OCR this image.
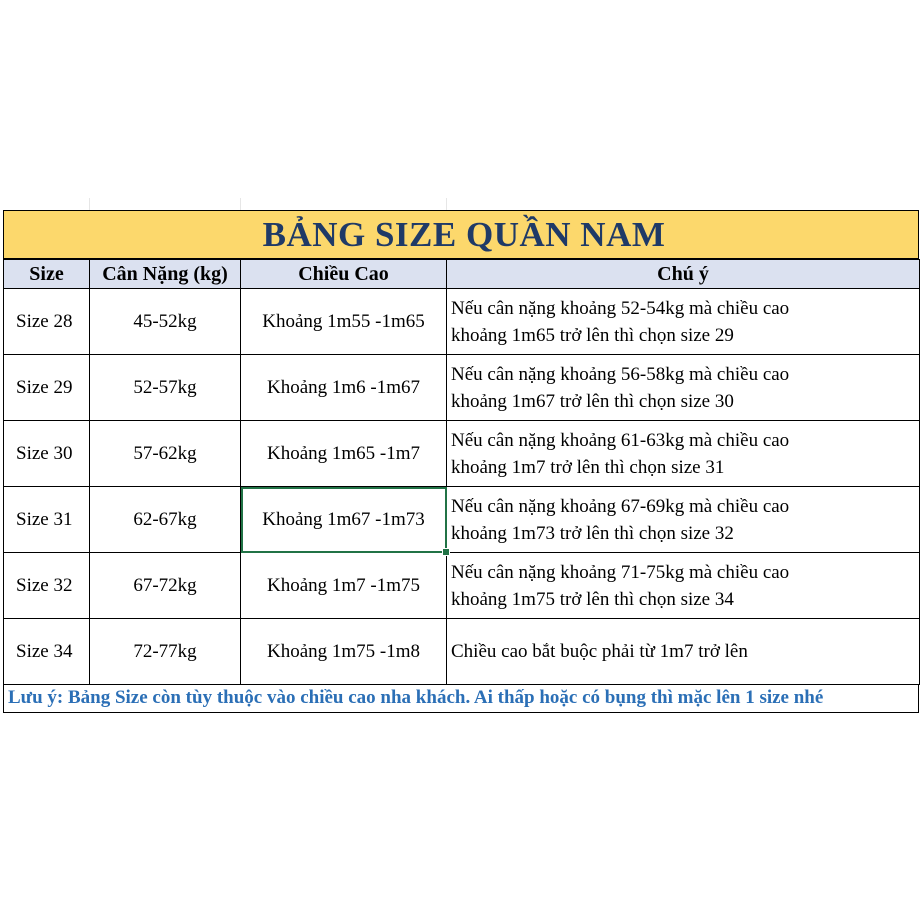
BẢNG SIZE QUẦN NAM
Size	Cân Nặng (kg)	Chiều Cao	Chú ý
Size 28	45-52kg	Khoảng 1m55 -1m65	Nếu cân nặng khoảng 52-54kg mà chiều cao
khoảng 1m65 trở lên thì chọn size 29
Size 29	52-57kg	Khoảng 1m6 -1m67	Nếu cân nặng khoảng 56-58kg mà chiều cao
khoảng 1m67 trở lên thì chọn size 30
Size 30	57-62kg	Khoảng 1m65 -1m7	Nếu cân nặng khoảng 61-63kg mà chiều cao
khoảng 1m7 trở lên thì chọn size 31
Size 31	62-67kg	Khoảng 1m67 -1m73	Nếu cân nặng khoảng 67-69kg mà chiều cao
khoảng 1m73 trở lên thì chọn size 32
Size 32	67-72kg	Khoảng 1m7 -1m75	Nếu cân nặng khoảng 71-75kg mà chiều cao
khoảng 1m75 trở lên thì chọn size 34
Size 34	72-77kg	Khoảng 1m75 -1m8	Chiều cao bắt buộc phải từ 1m7 trở lên
Lưu ý: Bảng Size còn tùy thuộc vào chiều cao nha khách. Ai thấp hoặc có bụng thì mặc lên 1 size nhé
